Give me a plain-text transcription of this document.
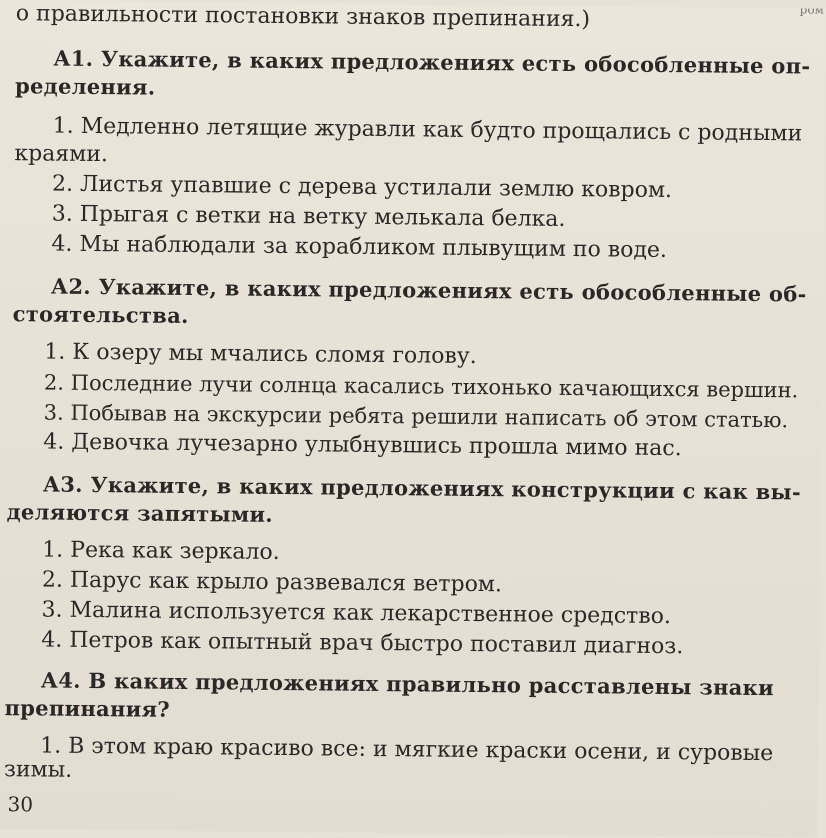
ром
о правильности постановки знаков препинания.)
А1. Укажите, в каких предложениях есть обособленные оп-
ределения.
1. Медленно летящие журавли как будто прощались с родными
краями.
2. Листья упавшие с дерева устилали землю ковром.
3. Прыгая с ветки на ветку мелькала белка.
4. Мы наблюдали за корабликом плывущим по воде.
А2. Укажите, в каких предложениях есть обособленные об-
стоятельства.
1. К озеру мы мчались сломя голову.
2. Последние лучи солнца касались тихонько качающихся вершин.
3. Побывав на экскурсии ребята решили написать об этом статью.
4. Девочка лучезарно улыбнувшись прошла мимо нас.
А3. Укажите, в каких предложениях конструкции с как вы-
деляются запятыми.
1. Река как зеркало.
2. Парус как крыло развевался ветром.
3. Малина используется как лекарственное средство.
4. Петров как опытный врач быстро поставил диагноз.
А4. В каких предложениях правильно расставлены знаки
препинания?
1. В этом краю красиво все: и мягкие краски осени, и суровые
зимы.
30
